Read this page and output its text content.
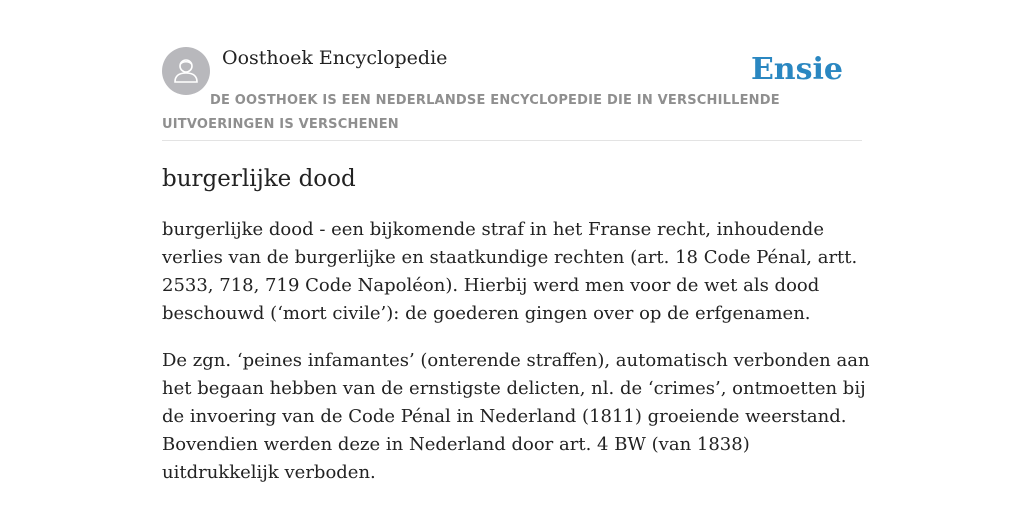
Oosthoek Encyclopedie	Ensie
DE OOSTHOEK IS EEN NEDERLANDSE ENCYCLOPEDIE DIE IN VERSCHILLENDE UITVOERINGEN IS VERSCHENEN
burgerlijke dood

burgerlijke dood - een bijkomende straf in het Franse recht, inhoudende verlies van de burgerlijke en staatkundige rechten (art. 18 Code Pénal, artt. 2533, 718, 719 Code Napoléon). Hierbij werd men voor de wet als dood beschouwd (‘mort civile’): de goederen gingen over op de erfgenamen.

De zgn. ‘peines infamantes’ (onterende straffen), automatisch verbonden aan het begaan hebben van de ernstigste delicten, nl. de ‘crimes’, ontmoetten bij de invoering van de Code Pénal in Nederland (1811) groeiende weerstand. Bovendien werden deze in Nederland door art. 4 BW (van 1838) uitdrukkelijk verboden.
